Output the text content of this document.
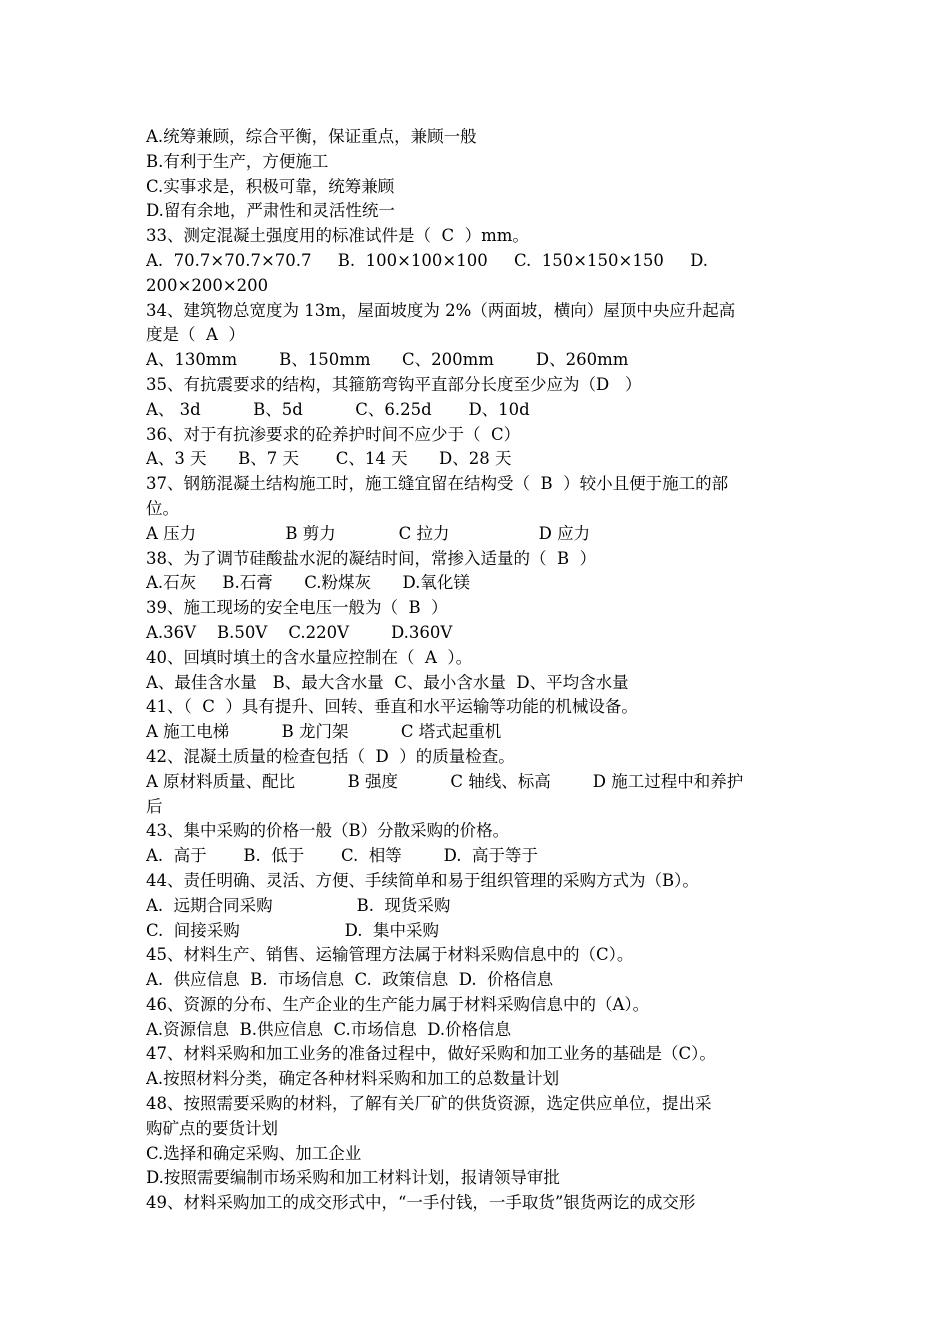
A.统筹兼顾，综合平衡，保证重点，兼顾一般
B.有利于生产，方便施工
C.实事求是，积极可靠，统筹兼顾
D.留有余地，严肃性和灵活性统一
33、测定混凝土强度用的标准试件是（  C  ）mm。
A.  70.7×70.7×70.7     B.  100×100×100     C.  150×150×150     D.
200×200×200
34、建筑物总宽度为 13m，屋面坡度为 2%（两面坡，横向）屋顶中央应升起高
度是（  A  ）
A、130mm        B、150mm      C、200mm        D、260mm
35、有抗震要求的结构，其箍筋弯钩平直部分长度至少应为（D   ）
A、 3d          B、5d          C、6.25d       D、10d
36、对于有抗渗要求的砼养护时间不应少于（  C）
A、3 天      B、7 天       C、14 天      D、28 天
37、钢筋混凝土结构施工时，施工缝宜留在结构受（  B  ）较小且便于施工的部
位。
A 压力                 B 剪力            C 拉力                 D 应力
38、为了调节硅酸盐水泥的凝结时间，常掺入适量的（  B  ）
A.石灰     B.石膏      C.粉煤灰      D.氧化镁
39、施工现场的安全电压一般为（  B  ）
A.36V    B.50V    C.220V        D.360V
40、回填时填土的含水量应控制在（  A  ）。
A、最佳含水量   B、最大含水量  C、最小含水量  D、平均含水量
41、（  C  ）具有提升、回转、垂直和水平运输等功能的机械设备。
A 施工电梯          B 龙门架          C 塔式起重机
42、混凝土质量的检查包括（  D  ）的质量检查。
A 原材料质量、配比          B 强度          C 轴线、标高        D 施工过程中和养护
后
43、集中采购的价格一般（B）分散采购的价格。
A.  高于       B.  低于       C.  相等        D.  高于等于
44、责任明确、灵活、方便、手续简单和易于组织管理的采购方式为（B）。
A.  远期合同采购                B.  现货采购
C.  间接采购                    D.  集中采购
45、材料生产、销售、运输管理方法属于材料采购信息中的（C）。
A.  供应信息  B.  市场信息  C.  政策信息  D.  价格信息
46、资源的分布、生产企业的生产能力属于材料采购信息中的（A）。
A.资源信息  B.供应信息  C.市场信息  D.价格信息
47、材料采购和加工业务的准备过程中，做好采购和加工业务的基础是（C）。
A.按照材料分类，确定各种材料采购和加工的总数量计划
48、按照需要采购的材料，了解有关厂矿的供货资源，选定供应单位，提出采
购矿点的要货计划
C.选择和确定采购、加工企业
D.按照需要编制市场采购和加工材料计划，报请领导审批
49、材料采购加工的成交形式中，“一手付钱，一手取货”银货两讫的成交形
